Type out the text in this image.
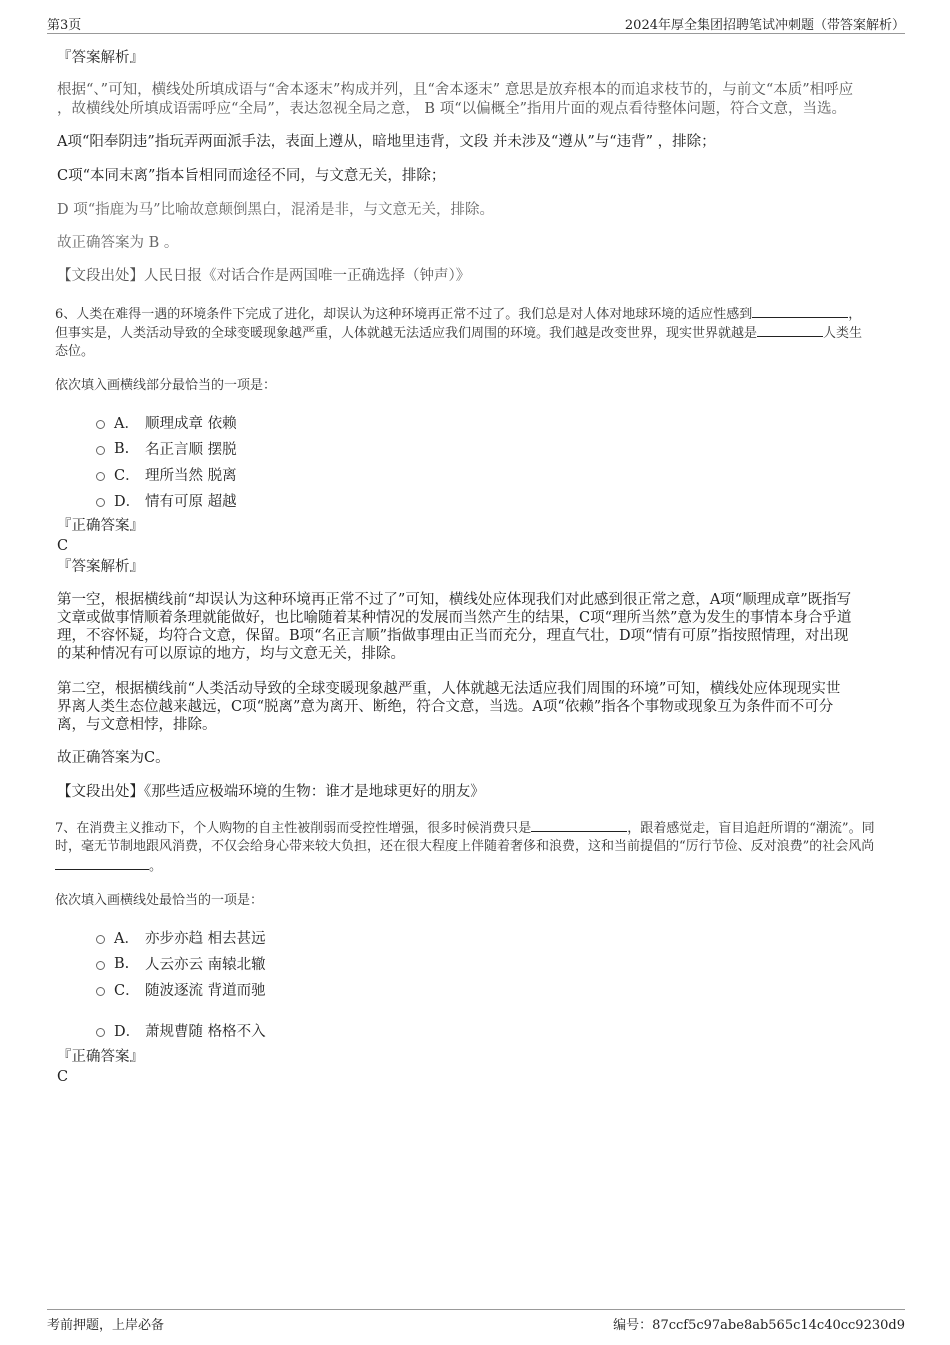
第3页	2024年厚全集团招聘笔试冲刺题（带答案解析）
『答案解析』
根据“、”可知，横线处所填成语与“舍本逐末”构成并列，且“舍本逐末” 意思是放弃根本的而追求枝节的，与前文“本质”相呼应
，故横线处所填成语需呼应“全局”，表达忽视全局之意， B 项“以偏概全”指用片面的观点看待整体问题，符合文意，当选。
A项“阳奉阴违”指玩弄两面派手法，表面上遵从，暗地里违背，文段 并未涉及“遵从”与“违背” ，排除；
C项“本同末离”指本旨相同而途径不同，与文意无关，排除；
D 项“指鹿为马”比喻故意颠倒黑白，混淆是非，与文意无关，排除。
故正确答案为 B 。
【文段出处】人民日报《对话合作是两国唯一正确选择（钟声）》
6、人类在难得一遇的环境条件下完成了进化，却误认为这种环境再正常不过了。我们总是对人体对地球环境的适应性感到	，
但事实是，人类活动导致的全球变暖现象越严重，人体就越无法适应我们周围的环境。我们越是改变世界，现实世界就越是	人类生
态位。
依次填入画横线部分最恰当的一项是：
A． 顺理成章 依赖
B.	名正言顺 摆脱
C． 理所当然 脱离
D． 情有可原 超越
『正确答案』
C
『答案解析』
第一空，根据横线前“却误认为这种环境再正常不过了”可知，横线处应体现我们对此感到很正常之意，A项“顺理成章”既指写
文章或做事情顺着条理就能做好，也比喻随着某种情况的发展而当然产生的结果，C项“理所当然”意为发生的事情本身合乎道
理，不容怀疑，均符合文意，保留。B项“名正言顺”指做事理由正当而充分，理直气壮，D项“情有可原”指按照情理，对出现
的某种情况有可以原谅的地方，均与文意无关，排除。
第二空，根据横线前“人类活动导致的全球变暖现象越严重，人体就越无法适应我们周围的环境”可知，横线处应体现现实世
界离人类生态位越来越远，C项“脱离”意为离开、断绝，符合文意，当选。A项“依赖”指各个事物或现象互为条件而不可分
离，与文意相悖，排除。
故正确答案为C。
【文段出处】《那些适应极端环境的生物：谁才是地球更好的朋友》
7、在消费主义推动下，个人购物的自主性被削弱而受控性增强，很多时候消费只是	，跟着感觉走，盲目追赶所谓的“潮流”。同
时，毫无节制地跟风消费，不仅会给身心带来较大负担，还在很大程度上伴随着奢侈和浪费，这和当前提倡的“厉行节俭、反对浪费”的社会风尚
。
依次填入画横线处最恰当的一项是：
A． 亦步亦趋 相去甚远
B.	人云亦云 南辕北辙
C． 随波逐流 背道而驰
D． 萧规曹随 格格不入
『正确答案』
C
考前押题，上岸必备	编号：87ccf5c97abe8ab565c14c40cc9230d9
